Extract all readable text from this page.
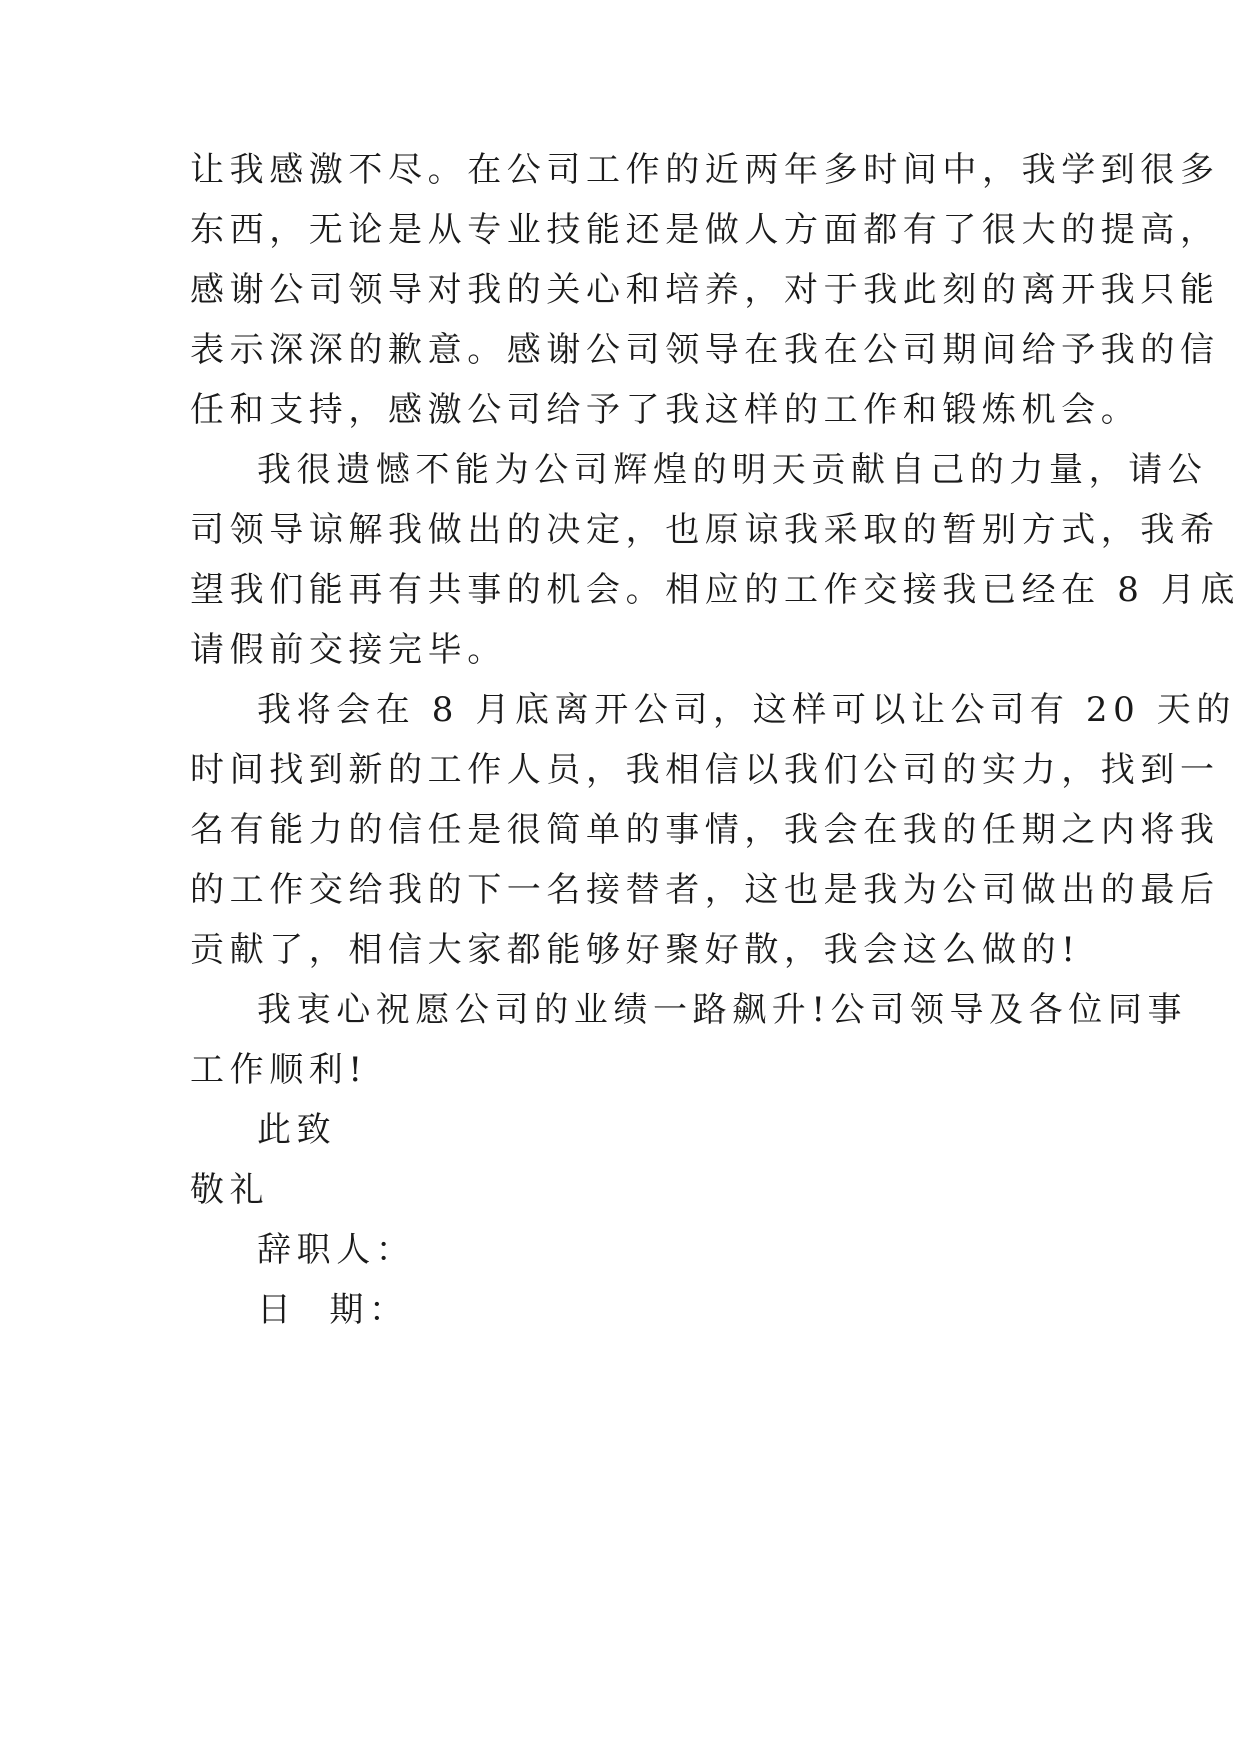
让我感激不尽。在公司工作的近两年多时间中，我学到很多
东西，无论是从专业技能还是做人方面都有了很大的提高，
感谢公司领导对我的关心和培养，对于我此刻的离开我只能
表示深深的歉意。感谢公司领导在我在公司期间给予我的信
任和支持，感激公司给予了我这样的工作和锻炼机会。
我很遗憾不能为公司辉煌的明天贡献自己的力量，请公
司领导谅解我做出的决定，也原谅我采取的暂别方式，我希
望我们能再有共事的机会。相应的工作交接我已经在 8 月底
请假前交接完毕。
我将会在 8 月底离开公司，这样可以让公司有 20 天的
时间找到新的工作人员，我相信以我们公司的实力，找到一
名有能力的信任是很简单的事情，我会在我的任期之内将我
的工作交给我的下一名接替者，这也是我为公司做出的最后
贡献了，相信大家都能够好聚好散，我会这么做的!
我衷心祝愿公司的业绩一路飙升!公司领导及各位同事
工作顺利!
此致
敬礼
辞职人：
日  期：
